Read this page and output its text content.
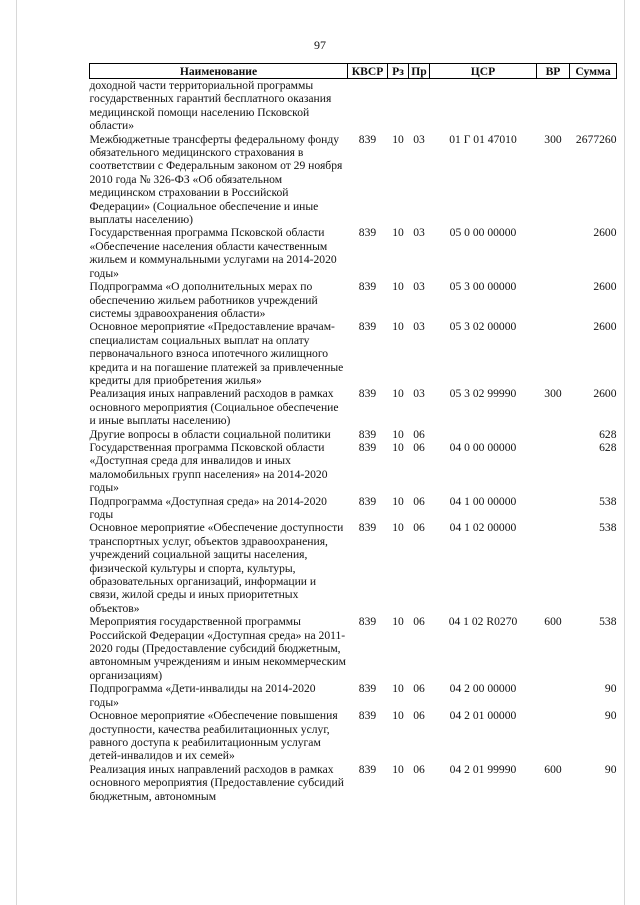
97
Наименование	КВСР	Рз	Пр	ЦСР	ВР	Сумма
доходной части территориальной программы государственных гарантий бесплатного оказания медицинской помощи населению Псковской области»						
Межбюджетные трансферты федеральному фонду обязательного медицинского страхования в соответствии с Федеральным законом от 29 ноября 2010 года № 326-ФЗ «Об обязательном медицинском страховании в Российской Федерации» (Социальное обеспечение и иные выплаты населению)	839	10	03	01 Г 01 47010	300	2677260
Государственная программа Псковской области «Обеспечение населения области качественным жильем и коммунальными услугами на 2014-2020 годы»	839	10	03	05 0 00 00000		2600
Подпрограмма «О дополнительных мерах по обеспечению жильем работников учреждений системы здравоохранения области»	839	10	03	05 3 00 00000		2600
Основное мероприятие «Предоставление врачам-специалистам социальных выплат на оплату первоначального взноса ипотечного жилищного кредита и на погашение платежей за привлеченные кредиты для приобретения жилья»	839	10	03	05 3 02 00000		2600
Реализация иных направлений расходов в рамках основного мероприятия (Социальное обеспечение и иные выплаты населению)	839	10	03	05 3 02 99990	300	2600
Другие вопросы в области социальной политики	839	10	06			628
Государственная программа Псковской области «Доступная среда для инвалидов и иных маломобильных групп населения» на 2014-2020 годы»	839	10	06	04 0 00 00000		628
Подпрограмма «Доступная среда» на 2014-2020 годы	839	10	06	04 1 00 00000		538
Основное мероприятие «Обеспечение доступности транспортных услуг, объектов здравоохранения, учреждений социальной защиты населения, физической культуры и спорта, культуры, образовательных организаций, информации и связи, жилой среды и иных приоритетных объектов»	839	10	06	04 1 02 00000		538
Мероприятия государственной программы Российской Федерации «Доступная среда» на 2011-2020 годы (Предоставление субсидий бюджетным, автономным учреждениям и иным некоммерческим организациям)	839	10	06	04 1 02 R0270	600	538
Подпрограмма «Дети-инвалиды на 2014-2020 годы»	839	10	06	04 2 00 00000		90
Основное мероприятие «Обеспечение повышения доступности, качества реабилитационных услуг, равного доступа к реабилитационным услугам детей-инвалидов и их семей»	839	10	06	04 2 01 00000		90
Реализация иных направлений расходов в рамках основного мероприятия (Предоставление субсидий бюджетным, автономным	839	10	06	04 2 01 99990	600	90
